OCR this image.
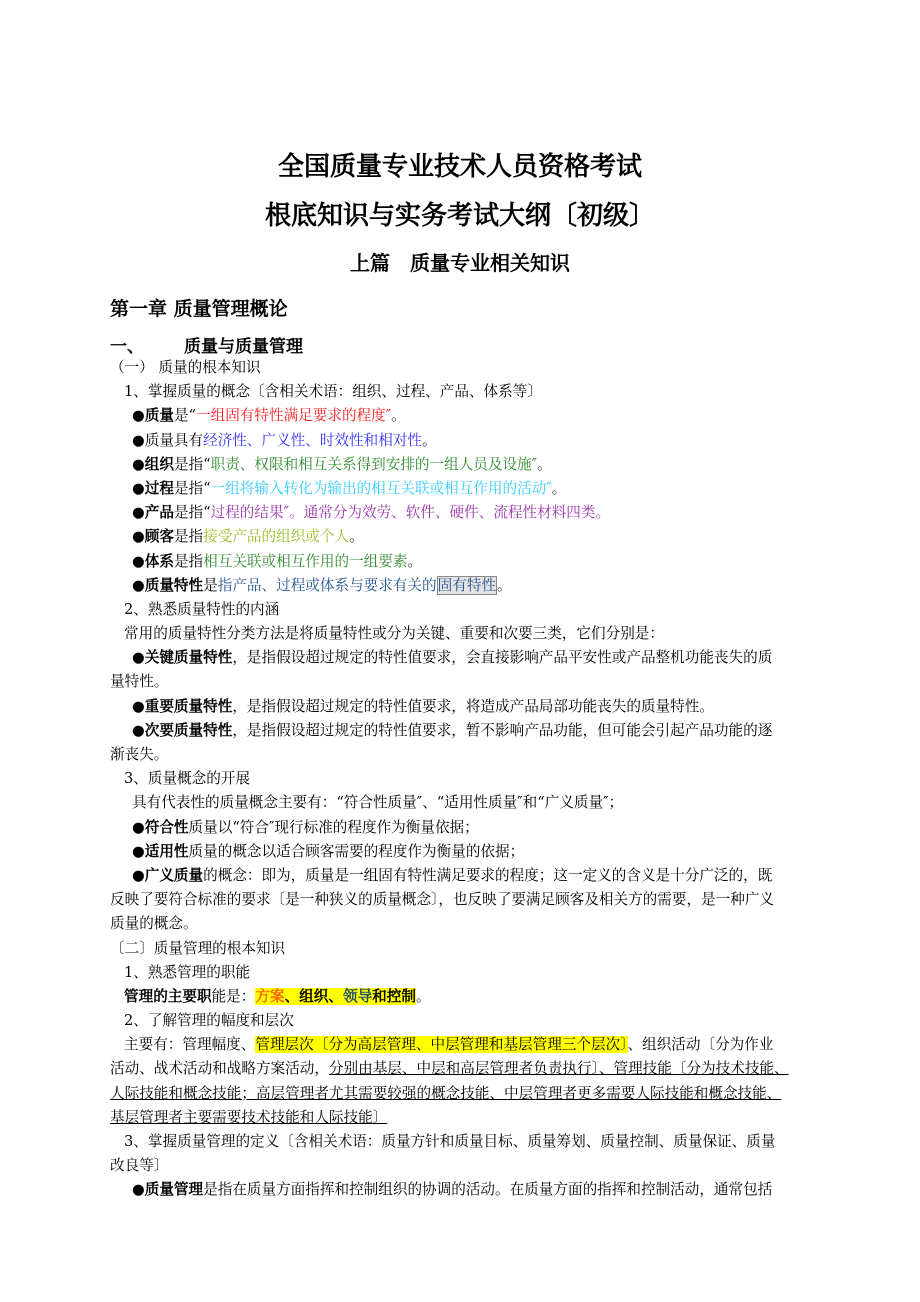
全国质量专业技术人员资格考试
根底知识与实务考试大纲〔初级〕
上篇　质量专业相关知识
第一章 质量管理概论
一、 质量与质量管理
（一） 质量的根本知识
1、掌握质量的概念〔含相关术语：组织、过程、产品、体系等〕
●质量是“一组固有特性满足要求的程度″。
●质量具有经济性、广义性、时效性和相对性。
●组织是指“职责、权限和相互关系得到安排的一组人员及设施″。
●过程是指“一组将输入转化为输出的相互关联或相互作用的活动″。
●产品是指“过程的结果″。通常分为效劳、软件、硬件、流程性材料四类。
●顾客是指接受产品的组织或个人。
●体系是指相互关联或相互作用的一组要素。
●质量特性是指产品、过程或体系与要求有关的固有特性。
2、熟悉质量特性的内涵
常用的质量特性分类方法是将质量特性或分为关键、重要和次要三类，它们分别是：
●关键质量特性，是指假设超过规定的特性值要求，会直接影响产品平安性或产品整机功能丧失的质
量特性。
●重要质量特性，是指假设超过规定的特性值要求，将造成产品局部功能丧失的质量特性。
●次要质量特性，是指假设超过规定的特性值要求，暂不影响产品功能，但可能会引起产品功能的逐
渐丧失。
3、质量概念的开展
具有代表性的质量概念主要有：“符合性质量″、“适用性质量″和“广义质量″；
●符合性质量以“符合″现行标准的程度作为衡量依据；
●适用性质量的概念以适合顾客需要的程度作为衡量的依据；
●广义质量的概念：即为，质量是一组固有特性满足要求的程度；这一定义的含义是十分广泛的，既
反映了要符合标准的要求〔是一种狭义的质量概念〕，也反映了要满足顾客及相关方的需要，是一种广义
质量的概念。
〔二〕质量管理的根本知识
1、熟悉管理的职能
管理的主要职能是：方案、组织、领导和控制。
2、了解管理的幅度和层次
主要有：管理幅度、管理层次〔分为高层管理、中层管理和基层管理三个层次〕、组织活动〔分为作业
活动、战术活动和战略方案活动，分别由基层、中层和高层管理者负责执行〕、管理技能〔分为技术技能、
人际技能和概念技能；高层管理者尤其需要较强的概念技能、中层管理者更多需要人际技能和概念技能、
基层管理者主要需要技术技能和人际技能〕
3、掌握质量管理的定义〔含相关术语：质量方针和质量目标、质量筹划、质量控制、质量保证、质量
改良等〕
●质量管理是指在质量方面指挥和控制组织的协调的活动。在质量方面的指挥和控制活动，通常包括
